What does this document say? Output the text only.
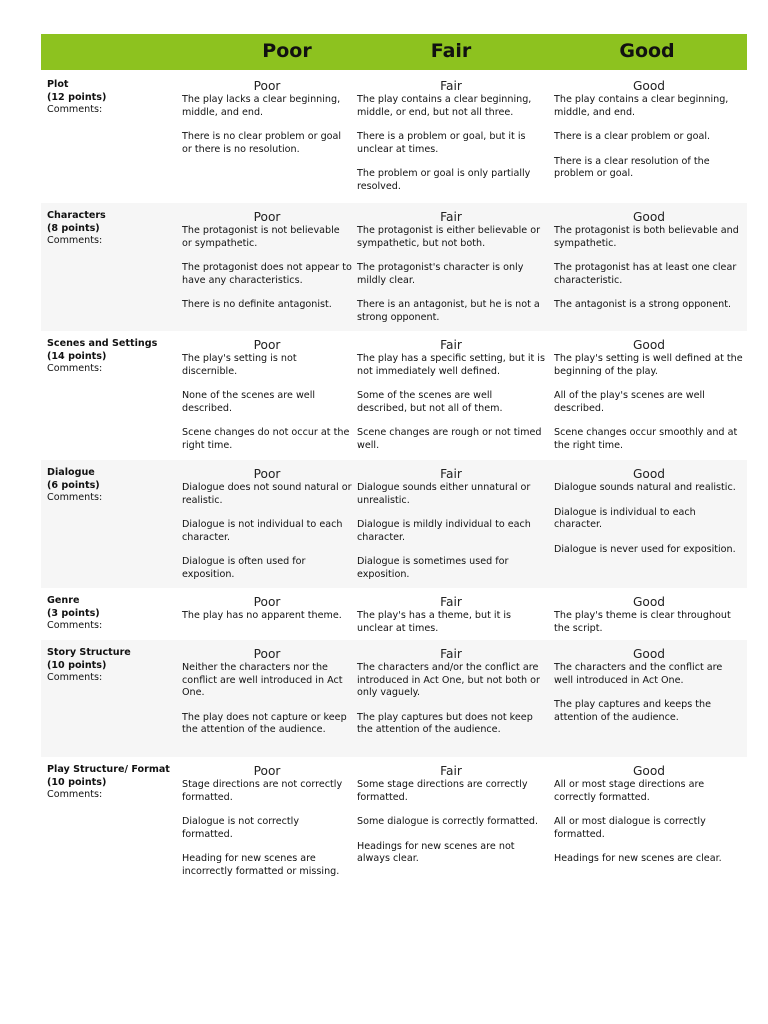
Poor	Fair	Good
Plot
(12 points)
Comments:
Poor

The play lacks a clear beginning, middle, and end.

There is no clear problem or goal or there is no resolution.

Fair

The play contains a clear beginning, middle, or end, but not all three.

There is a problem or goal, but it is unclear at times.

The problem or goal is only partially resolved.

Good

The play contains a clear beginning, middle, and end.

There is a clear problem or goal.

There is a clear resolution of the problem or goal.

Characters
(8 points)
Comments:
Poor

The protagonist is not believable or sympathetic.

The protagonist does not appear to have any characteristics.

There is no definite antagonist.

Fair

The protagonist is either believable or sympathetic, but not both.

The protagonist's character is only mildly clear.

There is an antagonist, but he is not a strong opponent.

Good

The protagonist is both believable and sympathetic.

The protagonist has at least one clear characteristic.

The antagonist is a strong opponent.

Scenes and Settings
(14 points)
Comments:
Poor

The play's setting is not discernible.

None of the scenes are well described.

Scene changes do not occur at the right time.

Fair

The play has a specific setting, but it is not immediately well defined.

Some of the scenes are well described, but not all of them.

Scene changes are rough or not timed well.

Good

The play's setting is well defined at the beginning of the play.

All of the play's scenes are well described.

Scene changes occur smoothly and at the right time.

Dialogue
(6 points)
Comments:
Poor

Dialogue does not sound natural or realistic.

Dialogue is not individual to each character.

Dialogue is often used for exposition.

Fair

Dialogue sounds either unnatural or unrealistic.

Dialogue is mildly individual to each character.

Dialogue is sometimes used for exposition.

Good

Dialogue sounds natural and realistic.

Dialogue is individual to each character.

Dialogue is never used for exposition.

Genre
(3 points)
Comments:
Poor

The play has no apparent theme.

Fair

The play's has a theme, but it is unclear at times.

Good

The play's theme is clear throughout the script.

Story Structure
(10 points)
Comments:
Poor

Neither the characters nor the conflict are well introduced in Act One.

The play does not capture or keep the attention of the audience.

Fair

The characters and/or the conflict are introduced in Act One, but not both or only vaguely.

The play captures but does not keep the attention of the audience.

Good

The characters and the conflict are well introduced in Act One.

The play captures and keeps the attention of the audience.

Play Structure/ Format
(10 points)
Comments:
Poor

Stage directions are not correctly formatted.

Dialogue is not correctly formatted.

Heading for new scenes are incorrectly formatted or missing.

Fair

Some stage directions are correctly formatted.

Some dialogue is correctly formatted.

Headings for new scenes are not always clear.

Good

All or most stage directions are correctly formatted.

All or most dialogue is correctly formatted.

Headings for new scenes are clear.
